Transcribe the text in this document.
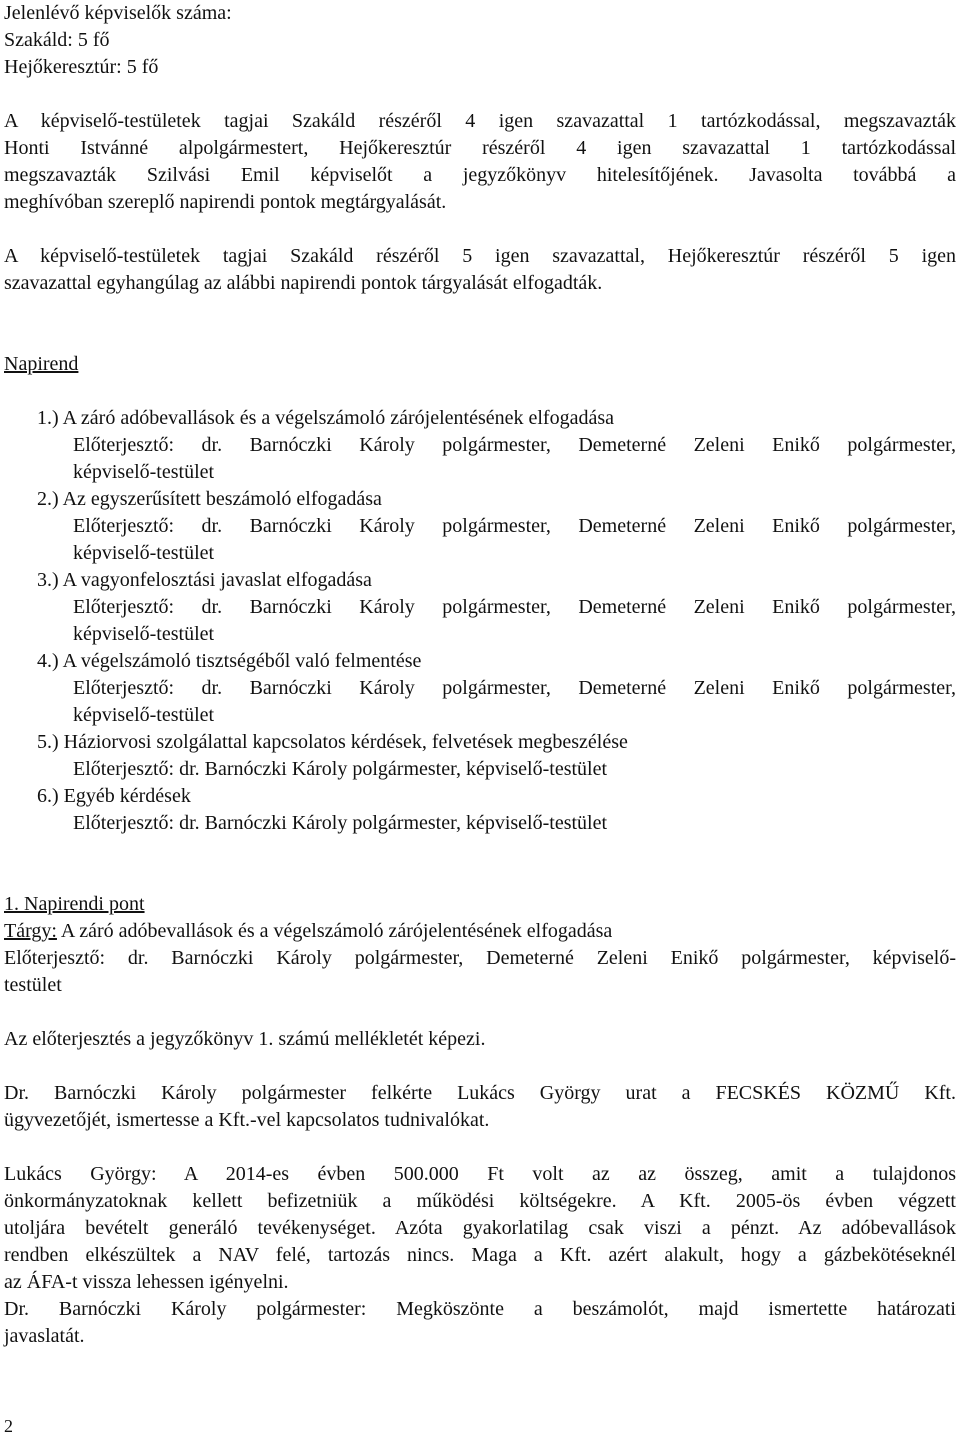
Jelenlévő képviselők száma:
Szakáld: 5 fő
Hejőkeresztúr: 5 fő
A képviselő-testületek tagjai Szakáld részéről 4 igen szavazattal 1 tartózkodással, megszavazták
Honti Istvánné alpolgármestert, Hejőkeresztúr részéről 4 igen szavazattal 1 tartózkodással
megszavazták Szilvási Emil képviselőt a jegyzőkönyv hitelesítőjének. Javasolta továbbá a
meghívóban szereplő napirendi pontok megtárgyalását.
A képviselő-testületek tagjai Szakáld részéről 5 igen szavazattal, Hejőkeresztúr részéről 5 igen
szavazattal egyhangúlag az alábbi napirendi pontok tárgyalását elfogadták.
Napirend
1.) A záró adóbevallások és a végelszámoló zárójelentésének elfogadása
Előterjesztő: dr. Barnóczki Károly polgármester, Demeterné Zeleni Enikő polgármester,
képviselő-testület
2.) Az egyszerűsített beszámoló elfogadása
Előterjesztő: dr. Barnóczki Károly polgármester, Demeterné Zeleni Enikő polgármester,
képviselő-testület
3.) A vagyonfelosztási javaslat elfogadása
Előterjesztő: dr. Barnóczki Károly polgármester, Demeterné Zeleni Enikő polgármester,
képviselő-testület
4.) A végelszámoló tisztségéből való felmentése
Előterjesztő: dr. Barnóczki Károly polgármester, Demeterné Zeleni Enikő polgármester,
képviselő-testület
5.) Háziorvosi szolgálattal kapcsolatos kérdések, felvetések megbeszélése
Előterjesztő: dr. Barnóczki Károly polgármester, képviselő-testület
6.) Egyéb kérdések
Előterjesztő: dr. Barnóczki Károly polgármester, képviselő-testület
1. Napirendi pont
Tárgy: A záró adóbevallások és a végelszámoló zárójelentésének elfogadása
Előterjesztő: dr. Barnóczki Károly polgármester, Demeterné Zeleni Enikő polgármester, képviselő-
testület
Az előterjesztés a jegyzőkönyv 1. számú mellékletét képezi.
Dr. Barnóczki Károly polgármester felkérte Lukács György urat a FECSKÉS KÖZMŰ Kft.
ügyvezetőjét, ismertesse a Kft.-vel kapcsolatos tudnivalókat.
Lukács György: A 2014-es évben 500.000 Ft volt az az összeg, amit a tulajdonos
önkormányzatoknak kellett befizetniük a működési költségekre. A Kft. 2005-ös évben végzett
utoljára bevételt generáló tevékenységet. Azóta gyakorlatilag csak viszi a pénzt. Az adóbevallások
rendben elkészültek a NAV felé, tartozás nincs. Maga a Kft. azért alakult, hogy a gázbekötéseknél
az ÁFA-t vissza lehessen igényelni.
Dr. Barnóczki Károly polgármester: Megköszönte a beszámolót, majd ismertette határozati
javaslatát.
2
